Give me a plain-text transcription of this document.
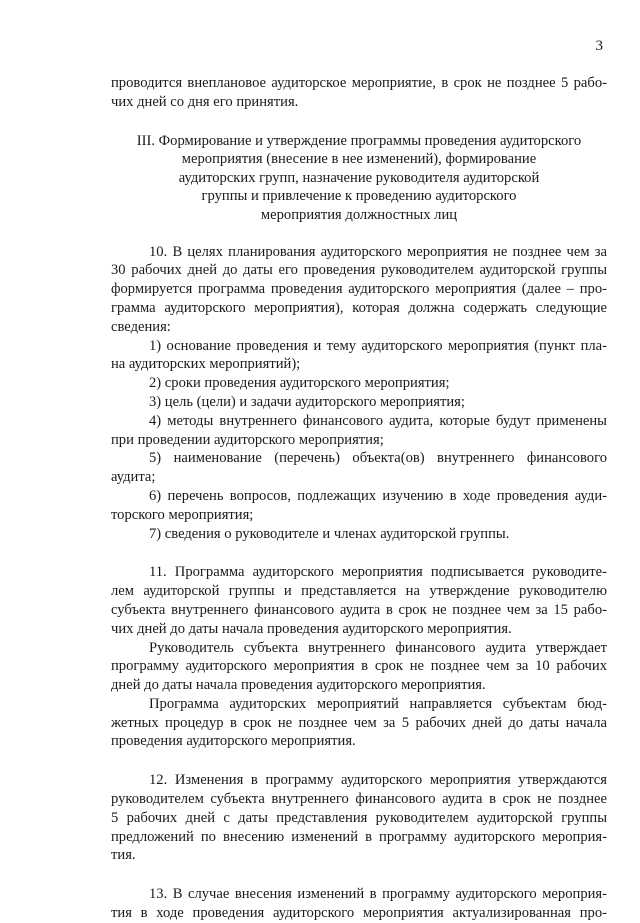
3
проводится внеплановое аудиторское мероприятие, в срок не позднее 5 рабо-
чих дней со дня его принятия.
III. Формирование и утверждение программы проведения аудиторского
мероприятия (внесение в нее изменений), формирование
аудиторских групп, назначение руководителя аудиторской
группы и привлечение к проведению аудиторского
мероприятия должностных лиц
10. В целях планирования аудиторского мероприятия не позднее чем за
30 рабочих дней до даты его проведения руководителем аудиторской группы
формируется программа проведения аудиторского мероприятия (далее – про-
грамма аудиторского мероприятия), которая должна содержать следующие
сведения:
1) основание проведения и тему аудиторского мероприятия (пункт пла-
на аудиторских мероприятий);
2) сроки проведения аудиторского мероприятия;
3) цель (цели) и задачи аудиторского мероприятия;
4) методы внутреннего финансового аудита, которые будут применены
при проведении аудиторского мероприятия;
5) наименование (перечень) объекта(ов) внутреннего финансового
аудита;
6) перечень вопросов, подлежащих изучению в ходе проведения ауди-
торского мероприятия;
7) сведения о руководителе и членах аудиторской группы.
11. Программа аудиторского мероприятия подписывается руководите-
лем аудиторской группы и представляется на утверждение руководителю
субъекта внутреннего финансового аудита в срок не позднее чем за 15 рабо-
чих дней до даты начала проведения аудиторского мероприятия.
Руководитель субъекта внутреннего финансового аудита утверждает
программу аудиторского мероприятия в срок не позднее чем за 10 рабочих
дней до даты начала проведения аудиторского мероприятия.
Программа аудиторских мероприятий направляется субъектам бюд-
жетных процедур в срок не позднее чем за 5 рабочих дней до даты начала
проведения аудиторского мероприятия.
12. Изменения в программу аудиторского мероприятия утверждаются
руководителем субъекта внутреннего финансового аудита в срок не позднее
5 рабочих дней с даты представления руководителем аудиторской группы
предложений по внесению изменений в программу аудиторского мероприя-
тия.
13. В случае внесения изменений в программу аудиторского мероприя-
тия в ходе проведения аудиторского мероприятия актуализированная про-
